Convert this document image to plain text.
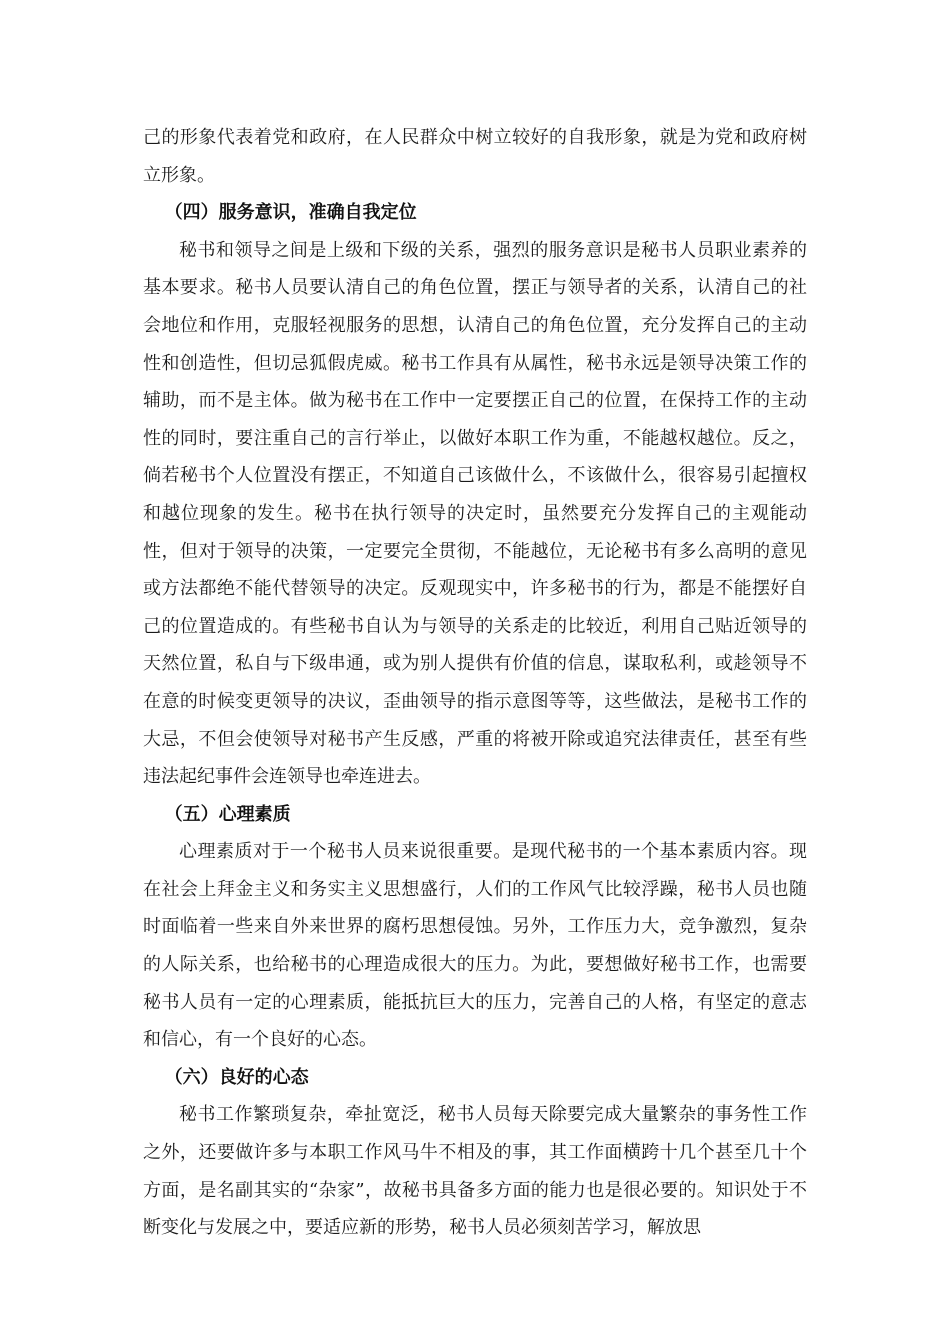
己的形象代表着党和政府，在人民群众中树立较好的自我形象，就是为党和政府树立形象。

（四）服务意识，准确自我定位

秘书和领导之间是上级和下级的关系，强烈的服务意识是秘书人员职业素养的基本要求。秘书人员要认清自己的角色位置，摆正与领导者的关系，认清自己的社会地位和作用，克服轻视服务的思想，认清自己的角色位置，充分发挥自己的主动性和创造性，但切忌狐假虎威。秘书工作具有从属性，秘书永远是领导决策工作的辅助，而不是主体。做为秘书在工作中一定要摆正自己的位置，在保持工作的主动性的同时，要注重自己的言行举止，以做好本职工作为重，不能越权越位。反之，倘若秘书个人位置没有摆正，不知道自己该做什么，不该做什么，很容易引起擅权和越位现象的发生。秘书在执行领导的决定时，虽然要充分发挥自己的主观能动性，但对于领导的决策，一定要完全贯彻，不能越位，无论秘书有多么高明的意见或方法都绝不能代替领导的决定。反观现实中，许多秘书的行为，都是不能摆好自己的位置造成的。有些秘书自认为与领导的关系走的比较近，利用自己贴近领导的天然位置，私自与下级串通，或为别人提供有价值的信息，谋取私利，或趁领导不在意的时候变更领导的决议，歪曲领导的指示意图等等，这些做法，是秘书工作的大忌，不但会使领导对秘书产生反感，严重的将被开除或追究法律责任，甚至有些违法起纪事件会连领导也牵连进去。

（五）心理素质

心理素质对于一个秘书人员来说很重要。是现代秘书的一个基本素质内容。现在社会上拜金主义和务实主义思想盛行，人们的工作风气比较浮躁，秘书人员也随时面临着一些来自外来世界的腐朽思想侵蚀。另外，工作压力大，竞争激烈，复杂的人际关系，也给秘书的心理造成很大的压力。为此，要想做好秘书工作，也需要秘书人员有一定的心理素质，能抵抗巨大的压力，完善自己的人格，有坚定的意志和信心，有一个良好的心态。

（六）良好的心态

秘书工作繁琐复杂，牵扯宽泛，秘书人员每天除要完成大量繁杂的事务性工作之外，还要做许多与本职工作风马牛不相及的事，其工作面横跨十几个甚至几十个方面，是名副其实的“杂家”，故秘书具备多方面的能力也是很必要的。知识处于不断变化与发展之中，要适应新的形势，秘书人员必须刻苦学习，解放思
